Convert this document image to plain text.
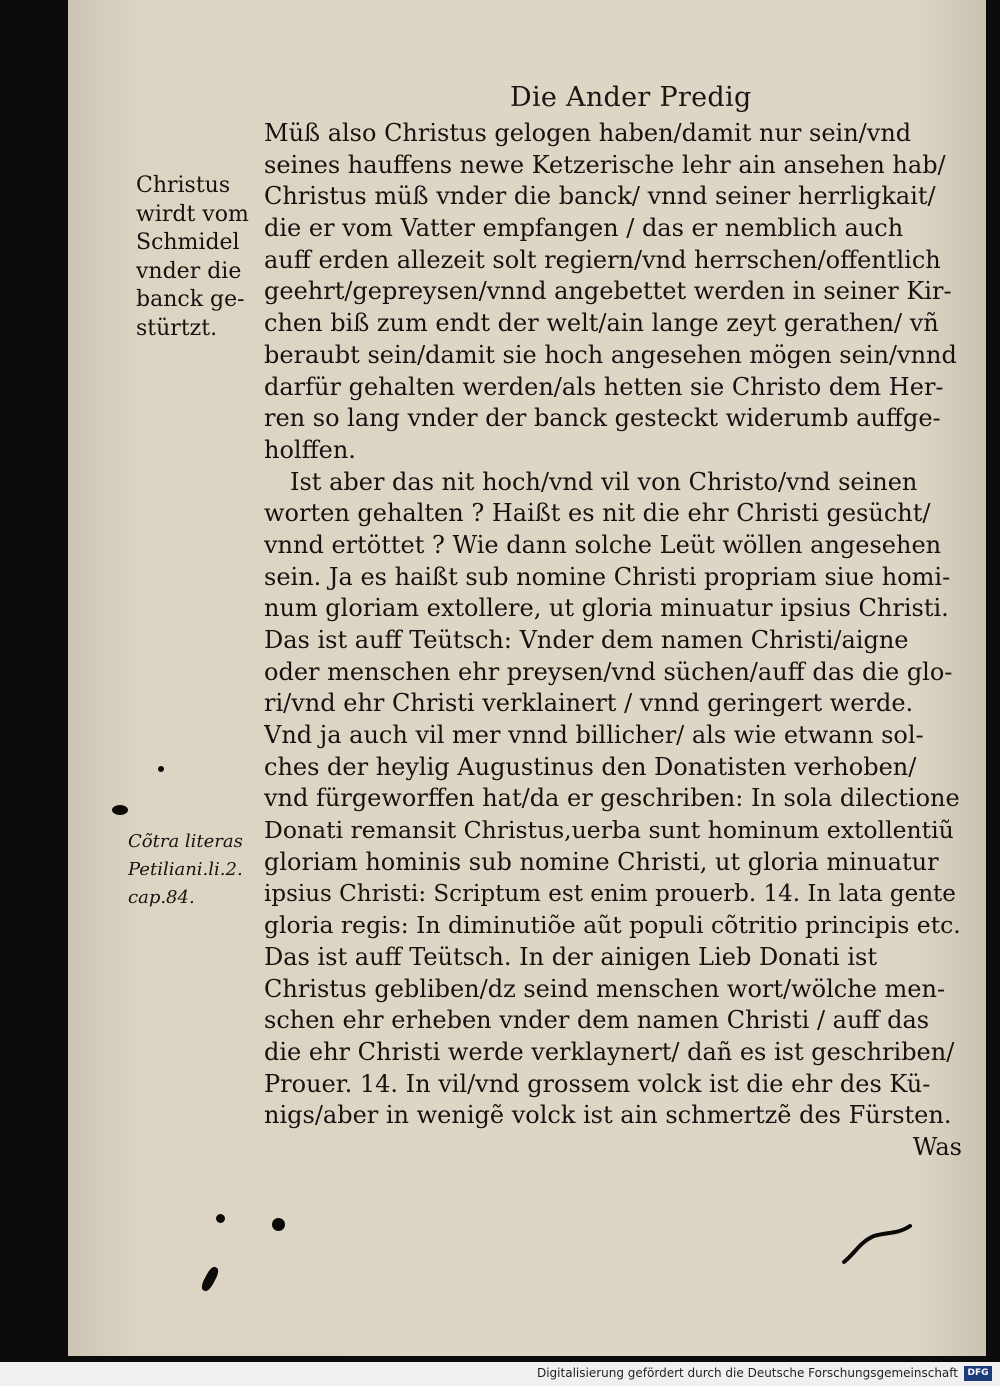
Die Ander Predig
Christus
wirdt vom
Schmidel
vnder die
banck ge-
stürtzt.
Cõtra literas
Petiliani.li.2.
cap.84.
Müß also Christus gelogen haben/damit nur sein/vnd
seines hauffens newe Ketzerische lehr ain ansehen hab/
Christus müß vnder die banck/ vnnd seiner herrligkait/
die er vom Vatter empfangen / das er nemblich auch
auff erden allezeit solt regiern/vnd herrschen/offentlich
geehrt/gepreysen/vnnd angebettet werden in seiner Kir-
chen biß zum endt der welt/ain lange zeyt gerathen/ vñ
beraubt sein/damit sie hoch angesehen mögen sein/vnnd
darfür gehalten werden/als hetten sie Christo dem Her-
ren so lang vnder der banck gesteckt widerumb auffge-
holffen.
Ist aber das nit hoch/vnd vil von Christo/vnd seinen
worten gehalten ? Haißt es nit die ehr Christi gesücht/
vnnd ertöttet ? Wie dann solche Leüt wöllen angesehen
sein. Ja es haißt sub nomine Christi propriam siue homi-
num gloriam extollere, ut gloria minuatur ipsius Christi.
Das ist auff Teütsch: Vnder dem namen Christi/aigne
oder menschen ehr preysen/vnd süchen/auff das die glo-
ri/vnd ehr Christi verklainert / vnnd geringert werde.
Vnd ja auch vil mer vnnd billicher/ als wie etwann sol-
ches der heylig Augustinus den Donatisten verhoben/
vnd fürgeworffen hat/da er geschriben: In sola dilectione
Donati remansit Christus,uerba sunt hominum extollentiũ
gloriam hominis sub nomine Christi, ut gloria minuatur
ipsius Christi: Scriptum est enim prouerb. 14. In lata gente
gloria regis: In diminutiõe aũt populi cõtritio principis etc.
Das ist auff Teütsch. In der ainigen Lieb Donati ist
Christus gebliben/dz seind menschen wort/wölche men-
schen ehr erheben vnder dem namen Christi / auff das
die ehr Christi werde verklaynert/ dañ es ist geschriben/
Prouer. 14. In vil/vnd grossem volck ist die ehr des Kü-
nigs/aber in wenigẽ volck ist ain schmertzẽ des Fürsten.
Was
Digitalisierung gefördert durch die Deutsche Forschungsgemeinschaft	DFG
